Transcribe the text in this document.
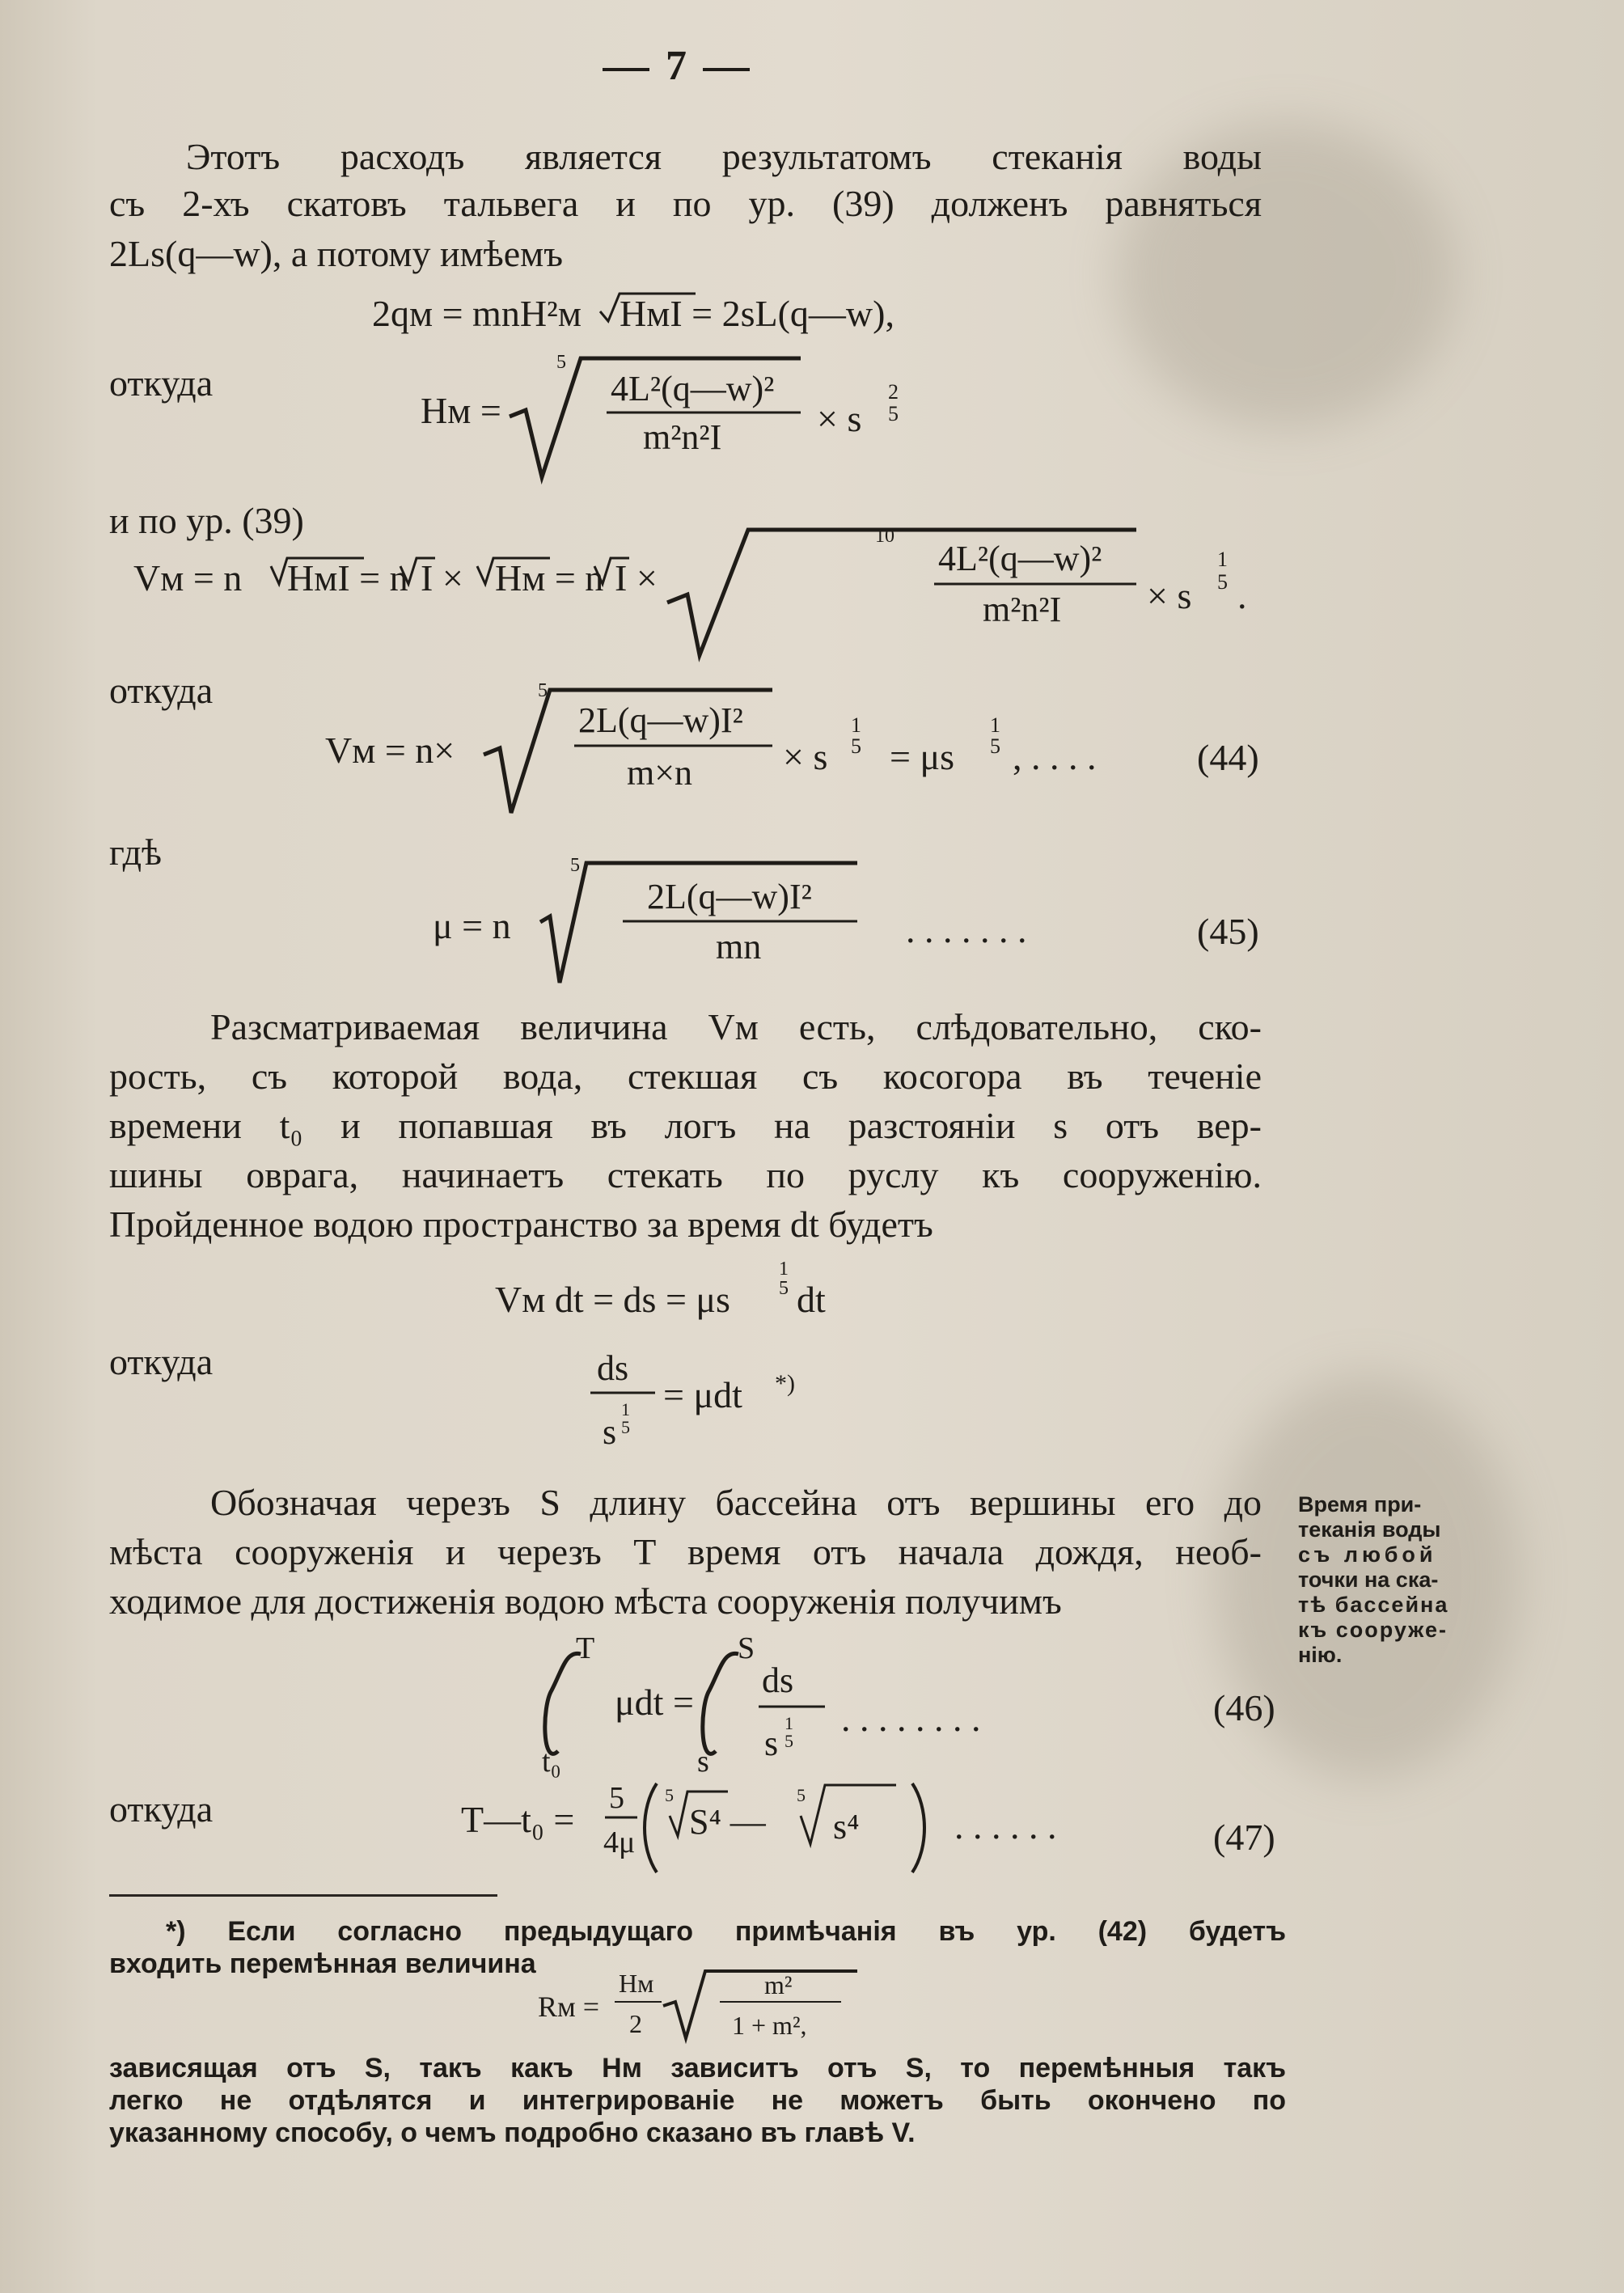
7
Этотъ расходъ является результатомъ стеканія воды
съ 2-хъ скатовъ тальвега и по ур. (39) долженъ равняться
2Ls(q—w), а потому имѣемъ
2qм = mnH²м HмI = 2sL(q—w),
откуда
Hм =
5
4L²(q—w)²
m²n²I	× s
2
5
и по ур. (39)
Vм = n HмI = n I × Hм = n I ×
10
4L²(q—w)²
m²n²I × s
1
5 .
откуда
Vм = n×
5
2L(q—w)I²
m×n × s
1
5 = μs
1
5 , . . . .	(44)
гдѣ
μ = n
5
2L(q—w)I²
mn	. . . . . . .	(45)
Разсматриваемая величина Vм есть, слѣдовательно, ско-
рость, съ которой вода, стекшая съ косогора въ теченіе
времени t₀ и попавшая въ логъ на разстояніи s отъ вер-
шины оврага, начинаетъ стекать по руслу къ сооруженію.
Пройденное водою пространство за время dt будетъ
Vм dt = ds = μs
1
5 dt
откуда	ds
s
1
5
= μdt *)
Обозначая черезъ S длину бассейна отъ вершины его до
мѣста сооруженія и черезъ T время отъ начала дождя, необ-
ходимое для достиженія водою мѣста сооруженія получимъ
Время при-
теканія воды
съ любой
точки на ска-
тѣ бассейна
къ сооруже-
нію.
T
t₀
μdt =
S
s
ds
s
1
5
. . . . . . . .	(46)
откуда	T—t₀ =
5
4μ
5
S⁴ —
5
s⁴	. . . . . .	(47)
*) Если согласно предыдущаго примѣчанія въ ур. (42) будетъ
входить перемѣнная величина
Rм =
Hм
2
m²
1 + m²,
зависящая отъ S, такъ какъ Hм зависитъ отъ S, то перемѣнныя такъ
легко не отдѣлятся и интегрированіе не можетъ быть окончено по
указанному способу, о чемъ подробно сказано въ главѣ V.
